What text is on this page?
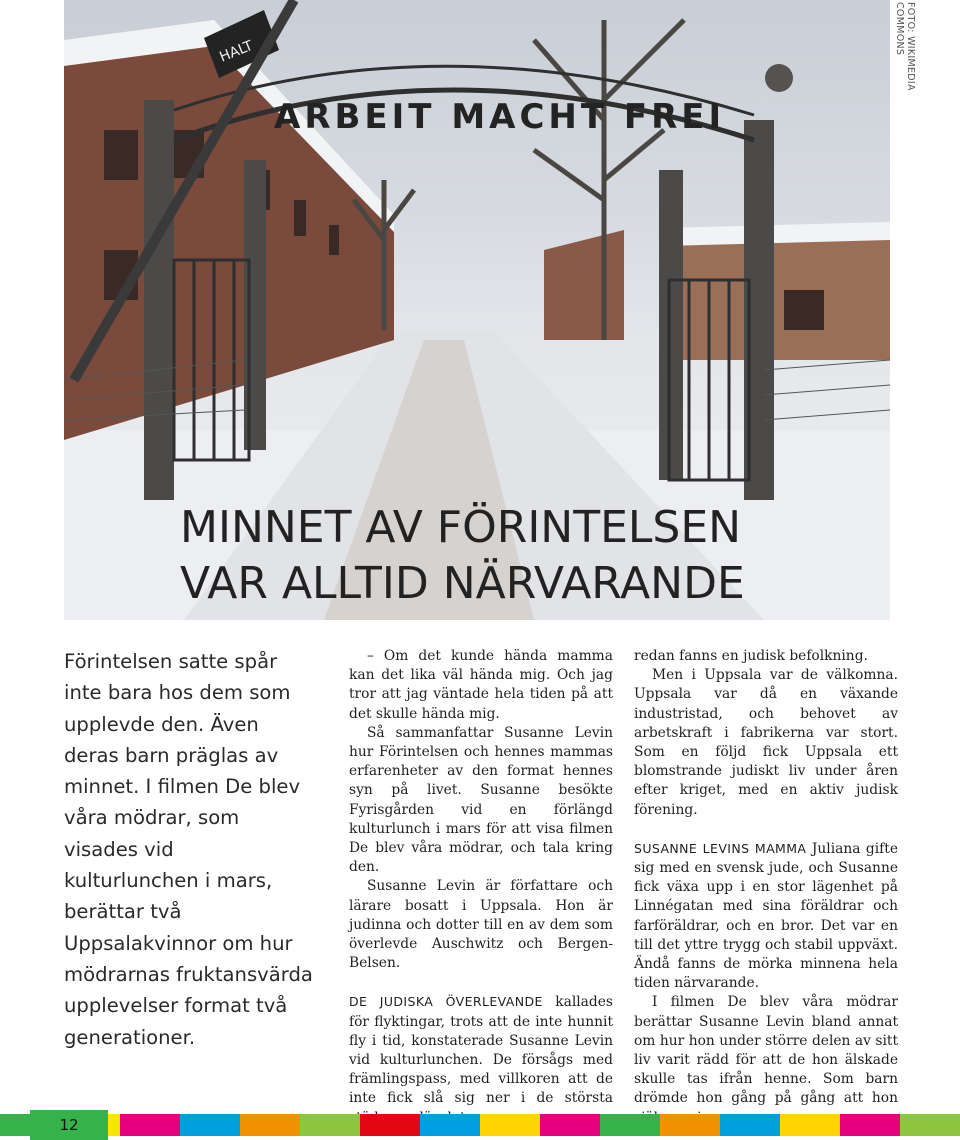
ARBEIT MACHT FREI
HALT	FOTO: WIKIMEDIA COMMONS
MINNET AV FÖRINTELSEN
VAR ALLTID NÄRVARANDE

Förintelsen satte spår inte bara hos dem som upplevde den. Även deras barn präglas av minnet. I filmen De blev våra mödrar, som visades vid kulturlunchen i mars, berättar två Uppsalakvinnor om hur mödrarnas fruktansvärda upplevelser format två generationer.

– Om det kunde hända mamma kan det lika väl hända mig. Och jag tror att jag väntade hela tiden på att det skulle hända mig.

Så sammanfattar Susanne Levin hur Förintelsen och hennes mammas erfarenheter av den format hennes syn på livet. Susanne besökte Fyrisgården vid en förlängd kulturlunch i mars för att visa filmen De blev våra mödrar, och tala kring den.

Susanne Levin är författare och lärare bosatt i Uppsala. Hon är judinna och dotter till en av dem som överlevde Auschwitz och Bergen-Belsen.

DE JUDISKA ÖVERLEVANDE kallades för flyktingar, trots att de inte hunnit fly i tid, konstaterade Susanne Levin vid kulturlunchen. De försågs med främlingspass, med villkoren att de inte fick slå sig ner i de största

redan fanns en judisk befolkning.

Men i Uppsala var de välkomna. Uppsala var då en växande industristad, och behovet av arbetskraft i fabrikerna var stort. Som en följd fick Uppsala ett blomstrande judiskt liv under åren efter kriget, med en aktiv judisk förening.

SUSANNE LEVINS MAMMA Juliana gifte sig med en svensk jude, och Susanne fick växa upp i en stor lägenhet på Linnégatan med sina föräldrar och farföräldrar, och en bror. Det var en till det yttre trygg och stabil uppväxt. Ändå fanns de mörka minnena hela tiden närvarande.

I filmen De blev våra mödrar berättar Susanne Levin bland annat om hur hon under större delen av sitt liv varit rädd för att de hon älskade skulle tas ifrån henne. Som barn drömde hon gång på gång att hon

12
